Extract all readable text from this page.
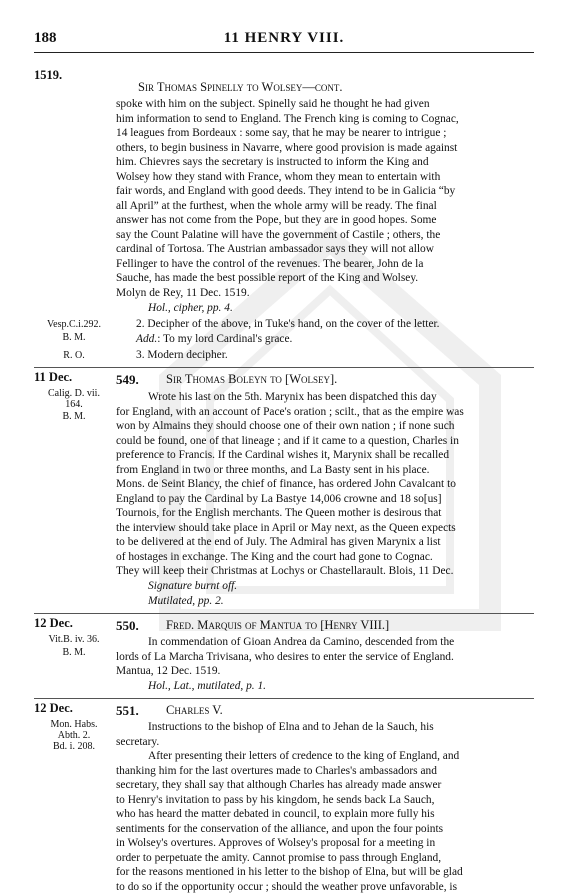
188	11 HENRY VIII.
1519.
Sir Thomas Spinelly to Wolsey—cont.
spoke with him on the subject. Spinelly said he thought he had given
him information to send to England. The French king is coming to Cognac,
14 leagues from Bordeaux : some say, that he may be nearer to intrigue ;
others, to begin business in Navarre, where good provision is made against
him. Chievres says the secretary is instructed to inform the King and
Wolsey how they stand with France, whom they mean to entertain with
fair words, and England with good deeds. They intend to be in Galicia “by
all April” at the furthest, when the whole army will be ready. The final
answer has not come from the Pope, but they are in good hopes. Some
say the Count Palatine will have the government of Castile ; others, the
cardinal of Tortosa. The Austrian ambassador says they will not allow
Fellinger to have the control of the revenues. The bearer, John de la
Sauche, has made the best possible report of the King and Wolsey.
Molyn de Rey, 11 Dec. 1519.
Hol., cipher, pp. 4.
Vesp.C.i.292.
B. M.
R. O.
2. Decipher of the above, in Tuke's hand, on the cover of the letter.
Add.: To my lord Cardinal's grace.
3. Modern decipher.
11 Dec.
Calig. D. vii.
164.
B. M.
549.	Sir Thomas Boleyn to [Wolsey].
Wrote his last on the 5th. Marynix has been dispatched this day
for England, with an account of Pace's oration ; scilt., that as the empire was
won by Almains they should choose one of their own nation ; if none such
could be found, one of that lineage ; and if it came to a question, Charles in
preference to Francis. If the Cardinal wishes it, Marynix shall be recalled
from England in two or three months, and La Basty sent in his place.
Mons. de Seint Blancy, the chief of finance, has ordered John Cavalcant to
England to pay the Cardinal by La Bastye 14,006 crowne and 18 so[us]
Tournois, for the English merchants. The Queen mother is desirous that
the interview should take place in April or May next, as the Queen expects
to be delivered at the end of July. The Admiral has given Marynix a list
of hostages in exchange. The King and the court had gone to Cognac.
They will keep their Christmas at Lochys or Chastellarault. Blois, 11 Dec.
Signature burnt off.
Mutilated, pp. 2.
12 Dec.
Vit.B. iv. 36.
B. M.
550.	Fred. Marquis of Mantua to [Henry VIII.]
In commendation of Gioan Andrea da Camino, descended from the
lords of La Marcha Trivisana, who desires to enter the service of England.
Mantua, 12 Dec. 1519.
Hol., Lat., mutilated, p. 1.
12 Dec.
Mon. Habs.
Abth. 2.
Bd. i. 208.
551.	Charles V.
Instructions to the bishop of Elna and to Jehan de la Sauch, his
secretary.
After presenting their letters of credence to the king of England, and
thanking him for the last overtures made to Charles's ambassadors and
secretary, they shall say that although Charles has already made answer
to Henry's invitation to pass by his kingdom, he sends back La Sauch,
who has heard the matter debated in council, to explain more fully his
sentiments for the conservation of the alliance, and upon the four points
in Wolsey's overtures. Approves of Wolsey's proposal for a meeting in
order to perpetuate the amity. Cannot promise to pass through England,
for the reasons mentioned in his letter to the bishop of Elna, but will be glad
to do so if the opportunity occur ; should the weather prove unfavorable, is
